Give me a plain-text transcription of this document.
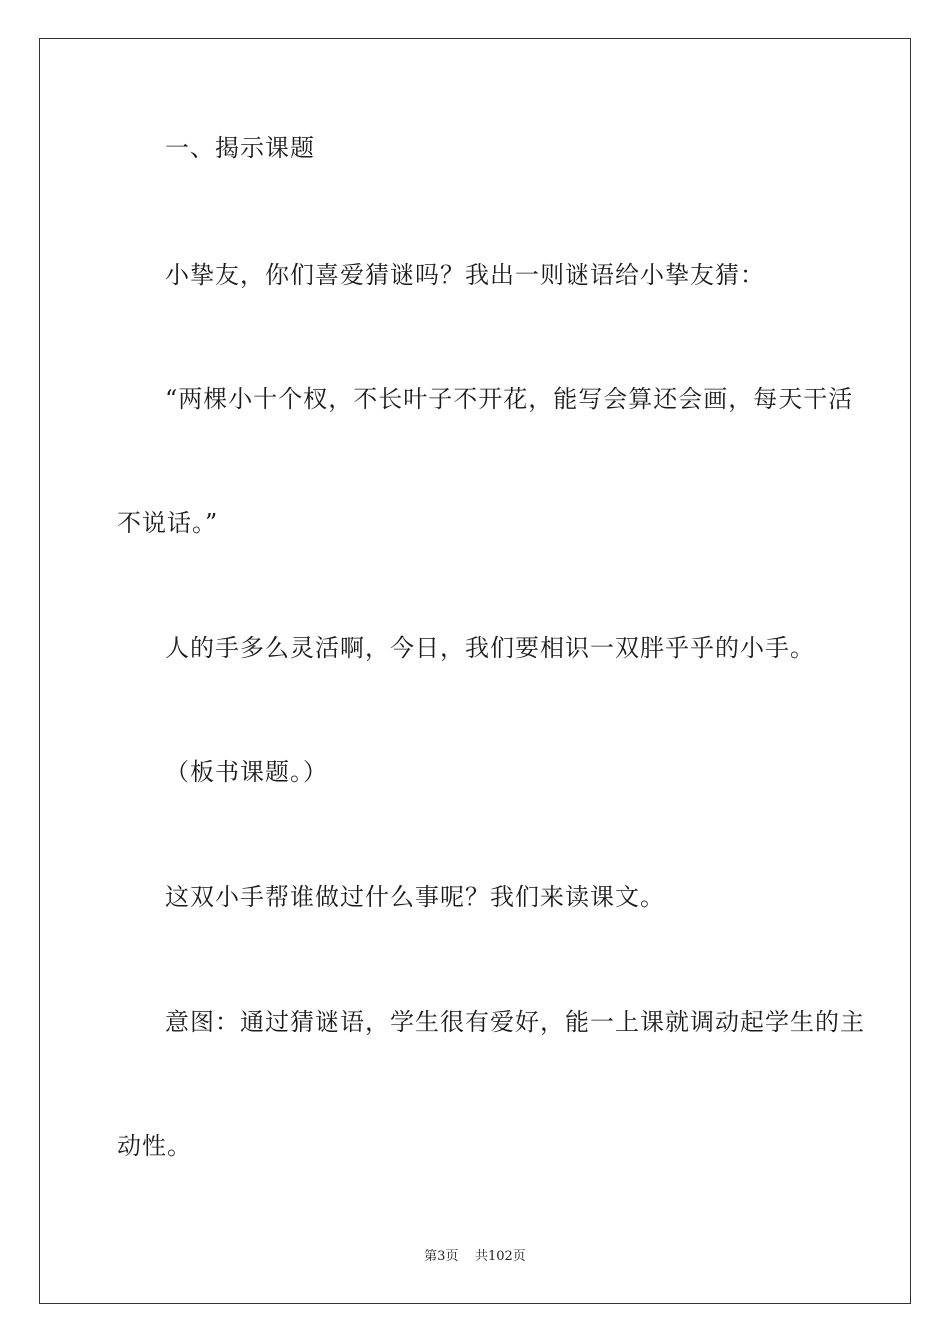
一、揭示课题
小挚友，你们喜爱猜谜吗？我出一则谜语给小挚友猜：
“两棵小十个杈，不长叶子不开花，能写会算还会画，每天干活
不说话。”
人的手多么灵活啊，今日，我们要相识一双胖乎乎的小手。
（板书课题。）
这双小手帮谁做过什么事呢？我们来读课文。
意图：通过猜谜语，学生很有爱好，能一上课就调动起学生的主
动性。
第3页 共102页
